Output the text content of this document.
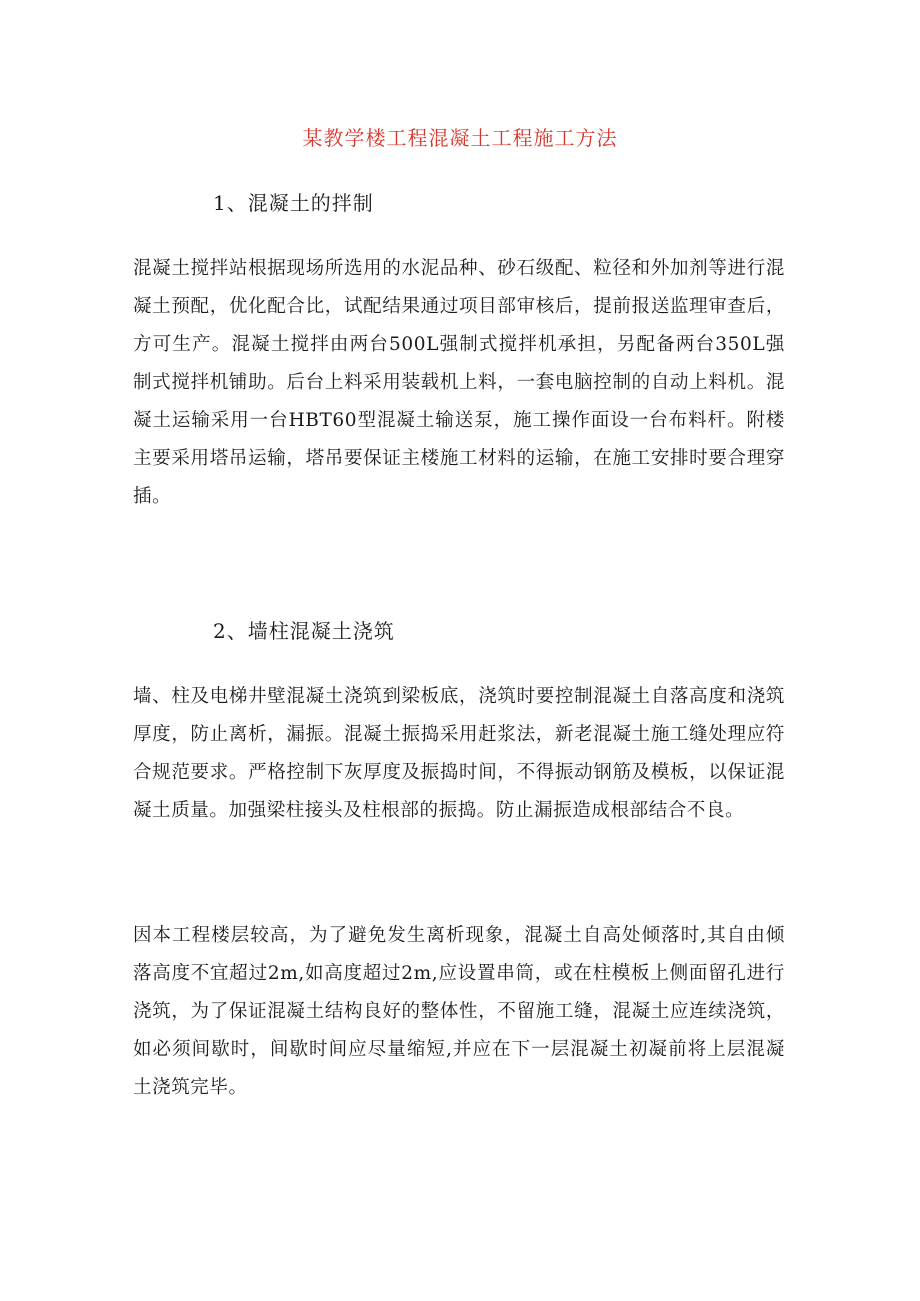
某教学楼工程混凝土工程施工方法
1、混凝土的拌制
混凝土搅拌站根据现场所选用的水泥品种、砂石级配、粒径和外加剂等进行混凝土预配，优化配合比，试配结果通过项目部审核后，提前报送监理审查后，方可生产。混凝土搅拌由两台500L强制式搅拌机承担，另配备两台350L强制式搅拌机铺助。后台上料采用装载机上料，一套电脑控制的自动上料机。混凝土运输采用一台HBT60型混凝土输送泵，施工操作面设一台布料杆。附楼主要采用塔吊运输，塔吊要保证主楼施工材料的运输，在施工安排时要合理穿插。
2、墙柱混凝土浇筑
墙、柱及电梯井壁混凝土浇筑到梁板底，浇筑时要控制混凝土自落高度和浇筑厚度，防止离析，漏振。混凝土振捣采用赶浆法，新老混凝土施工缝处理应符合规范要求。严格控制下灰厚度及振捣时间，不得振动钢筋及模板，以保证混凝土质量。加强梁柱接头及柱根部的振捣。防止漏振造成根部结合不良。
因本工程楼层较高，为了避免发生离析现象，混凝土自高处倾落时,其自由倾落高度不宜超过2m,如高度超过2m,应设置串筒，或在柱模板上侧面留孔进行浇筑，为了保证混凝土结构良好的整体性，不留施工缝，混凝土应连续浇筑，如必须间歇时，间歇时间应尽量缩短,并应在下一层混凝土初凝前将上层混凝土浇筑完毕。
